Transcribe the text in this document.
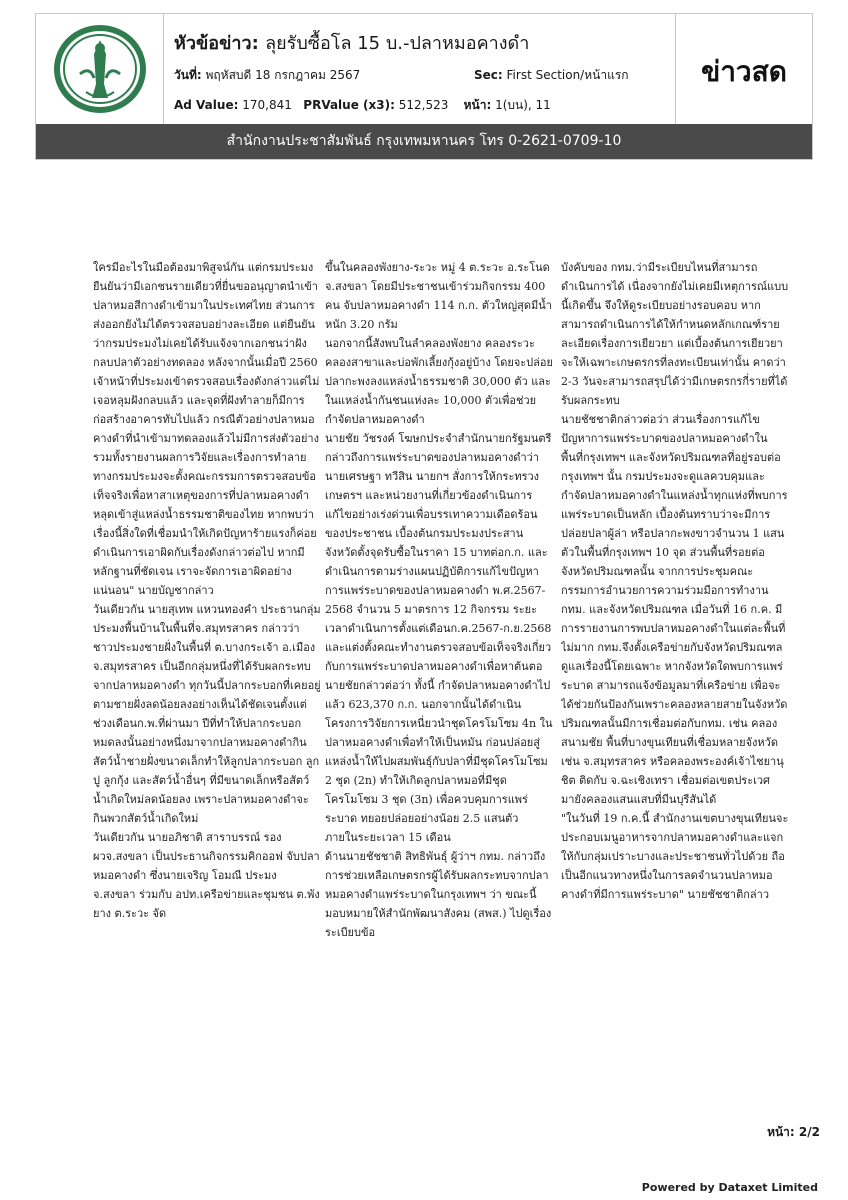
หัวข้อข่าว: ลุยรับซื้อโล 15 บ.-ปลาหมอคางดำ
วันที่: พฤหัสบดี 18 กรกฎาคม 2567	Sec: First Section/หน้าแรก
Ad Value: 170,841 PRValue (x3): 512,523 หน้า: 1(บน), 11
ข่าวสด
สำนักงานประชาสัมพันธ์ กรุงเทพมหานคร โทร 0-2621-0709-10

ใครมีอะไรในมือต้องมาพิสูจน์กัน แต่กรมประมงยืนยันว่ามีเอกชนรายเดียวที่ยื่นขออนุญาตนำเข้าปลาหมอสีกางดำเข้ามาในประเทศไทย ส่วนการส่งออกยังไม่ได้ตรวจสอบอย่างละเอียด แต่ยืนยันว่ากรมประมงไม่เคยได้รับแจ้งจากเอกชนว่าฝังกลบปลาตัวอย่างทดลอง หลังจากนั้นเมื่อปี 2560 เจ้าหน้าที่ประมงเข้าตรวจสอบเรื่องดังกล่าวแต่ไม่เจอหลุมฝังกลบแล้ว และจุดที่ฝังทำลายก็มีการก่อสร้างอาคารทับไปแล้ว กรณีตัวอย่างปลาหมอคางดำที่นำเข้ามาทดลองแล้วไม่มีการส่งตัวอย่างรวมทั้งรายงานผลการวิจัยและเรื่องการทำลาย ทางกรมประมงจะตั้งคณะกรรมการตรวจสอบข้อเท็จจริงเพื่อหาสาเหตุของการที่ปลาหมอคางดำหลุดเข้าสู่แหล่งน้ำธรรมชาติของไทย หากพบว่าเรื่องนี้สิ่งใดที่เชื่อมนำให้เกิดปัญหาร้ายแรงก็ค่อยดำเนินการเอาผิดกับเรื่องดังกล่าวต่อไป หากมีหลักฐานที่ชัดเจน เราจะจัดการเอาผิดอย่างแน่นอน" นายบัญชากล่าว

วันเดียวกัน นายสุเทพ แหวนทองคำ ประธานกลุ่มประมงพื้นบ้านในพื้นที่จ.สมุทรสาคร กล่าวว่า ชาวประมงชายฝั่งในพื้นที่ ต.บางกระเจ้า อ.เมือง จ.สมุทรสาคร เป็นอีกกลุ่มหนึ่งที่ได้รับผลกระทบจากปลาหมอคางดำ ทุกวันนี้ปลากระบอกที่เคยอยู่ตามชายฝั่งลดน้อยลงอย่างเห็นได้ชัดเจนตั้งแต่ช่วงเดือนก.พ.ที่ผ่านมา ปีที่ทำให้ปลากระบอกหมดลงนั้นอย่างหนึ่งมาจากปลาหมอคางดำกินสัตว์น้ำชายฝั่งขนาดเล็กทำให้ลูกปลากระบอก ลูกปู ลูกกุ้ง และสัตว์น้ำอื่นๆ ที่มีขนาดเล็กหรือสัตว์น้ำเกิดใหม่ลดน้อยลง เพราะปลาหมอคางดำจะกินพวกสัตว์น้ำเกิดใหม่

วันเดียวกัน นายอภิชาติ สาราบรรณ์ รอง ผวจ.สงขลา เป็นประธานกิจกรรมคิกออฟ จับปลาหมอคางดำ ซึ่งนายเจริญ โอมณี ประมง จ.สงขลา ร่วมกับ อปท.เครือข่ายและชุมชน ต.พังยาง ต.ระวะ จัด

ขึ้นในคลองพังยาง-ระวะ หมู่ 4 ต.ระวะ อ.ระโนด จ.สงขลา โดยมีประชาชนเข้าร่วมกิจกรรม 400 คน จับปลาหมอคางดำ 114 ก.ก. ตัวใหญ่สุดมีน้ำหนัก 3.20 กรัม

นอกจากนี้สังพบในลำคลองพังยาง คลองระวะ คลองสาขาและบ่อพักเลี้ยงกุ้งอยู่บ้าง โดยจะปล่อยปลากะพงลงแหล่งน้ำธรรมชาติ 30,000 ตัว และในแหล่งน้ำกันชนแห่งละ 10,000 ตัวเพื่อช่วยกำจัดปลาหมอคางดำ

นายชัย วัชรงค์ โฆษกประจำสำนักนายกรัฐมนตรี กล่าวถึงการแพร่ระบาดของปลาหมอคางดำว่า นายเศรษฐา ทวีสิน นายกฯ สั่งการให้กระทรวงเกษตรฯ และหน่วยงานที่เกี่ยวข้องดำเนินการแก้ไขอย่างเร่งด่วนเพื่อบรรเทาความเดือดร้อนของประชาชน เบื้องต้นกรมประมงประสานจังหวัดตั้งจุดรับซื้อในราคา 15 บาทต่อก.ก. และดำเนินการตามร่างแผนปฏิบัติการแก้ไขปัญหาการแพร่ระบาดของปลาหมอคางดำ พ.ศ.2567-2568 จำนวน 5 มาตรการ 12 กิจกรรม ระยะเวลาดำเนินการตั้งแต่เดือนก.ค.2567-ก.ย.2568 และแต่งตั้งคณะทำงานตรวจสอบข้อเท็จจริงเกี่ยวกับการแพร่ระบาดปลาหมอคางดำเพื่อหาต้นตอ

นายชัยกล่าวต่อว่า ทั้งนี้ กำจัดปลาหมอคางดำไปแล้ว 623,370 ก.ก. นอกจากนั้นได้ดำเนินโครงการวิจัยการเหนี่ยวนำชุดโครโมโซม 4n ในปลาหมอคางดำเพื่อทำให้เป็นหมัน ก่อนปล่อยสู่แหล่งน้ำให้ไปผสมพันธุ์กับปลาที่มีชุดโครโมโซม 2 ชุด (2n) ทำให้เกิดลูกปลาหมอที่มีชุดโครโมโซม 3 ชุด (3n) เพื่อควบคุมการแพร่ระบาด ทยอยปล่อยอย่างน้อย 2.5 แสนตัว ภายในระยะเวลา 15 เดือน

ด้านนายชัชชาติ สิทธิพันธุ์ ผู้ว่าฯ กทม. กล่าวถึงการช่วยเหลือเกษตรกรผู้ได้รับผลกระทบจากปลาหมอคางดำแพร่ระบาดในกรุงเทพฯ ว่า ขณะนี้มอบหมายให้สำนักพัฒนาสังคม (สพส.) ไปดูเรื่องระเบียบข้อ

บังคับของ กทม.ว่ามีระเบียบไหนที่สามารถดำเนินการได้ เนื่องจากยังไม่เคยมีเหตุการณ์แบบนี้เกิดขึ้น จึงให้ดูระเบียบอย่างรอบคอบ หากสามารถดำเนินการได้ให้กำหนดหลักเกณฑ์รายละเอียดเรื่องการเยียวยา แต่เบื้องต้นการเยียวยาจะให้เฉพาะเกษตรกรที่ลงทะเบียนเท่านั้น คาดว่า 2-3 วันจะสามารถสรุปได้ว่ามีเกษตรกรกี่รายที่ได้รับผลกระทบ

นายชัชชาติกล่าวต่อว่า ส่วนเรื่องการแก้ไขปัญหาการแพร่ระบาดของปลาหมอคางดำในพื้นที่กรุงเทพฯ และจังหวัดปริมณฑลที่อยู่รอบต่อกรุงเทพฯ นั้น กรมประมงจะดูแลควบคุมและกำจัดปลาหมอคางดำในแหล่งน้ำทุกแห่งที่พบการแพร่ระบาดเป็นหลัก เบื้องต้นทราบว่าจะมีการปล่อยปลาผู้ล่า หรือปลากะพงขาวจำนวน 1 แสนตัวในพื้นที่กรุงเทพฯ 10 จุด ส่วนพื้นที่รอยต่อจังหวัดปริมณฑลนั้น จากการประชุมคณะกรรมการอำนวยการความร่วมมือการทำงาน กทม. และจังหวัดปริมณฑล เมื่อวันที่ 16 ก.ค. มีการรายงานการพบปลาหมอคางดำในแต่ละพื้นที่ไม่มาก กทม.จึงตั้งเครือข่ายกับจังหวัดปริมณฑลดูแลเรื่องนี้โดยเฉพาะ หากจังหวัดใดพบการแพร่ระบาด สามารถแจ้งข้อมูลมาที่เครือข่าย เพื่อจะได้ช่วยกันป้องกันเพราะคลองหลายสายในจังหวัดปริมณฑลนั้นมีการเชื่อมต่อกับกทม. เช่น คลองสนามชัย พื้นที่บางขุนเทียนที่เชื่อมหลายจังหวัด เช่น จ.สมุทรสาคร หรือคลองพระองค์เจ้าไชยานุชิต ติดกับ จ.ฉะเชิงเทรา เชื่อมต่อเขตประเวศ มายังคลองแสนแสบที่มีนบุรีสันได้

"ในวันที่ 19 ก.ค.นี้ สำนักงานเขตบางขุนเทียนจะประกอบเมนูอาหารจากปลาหมอคางดำและแจกให้กับกลุ่มเปราะบางและประชาชนทั่วไปด้วย ถือเป็นอีกแนวทางหนึ่งในการลดจำนวนปลาหมอคางดำที่มีการแพร่ระบาด" นายชัชชาติกล่าว

หน้า: 2/2
Powered by Dataxet Limited
